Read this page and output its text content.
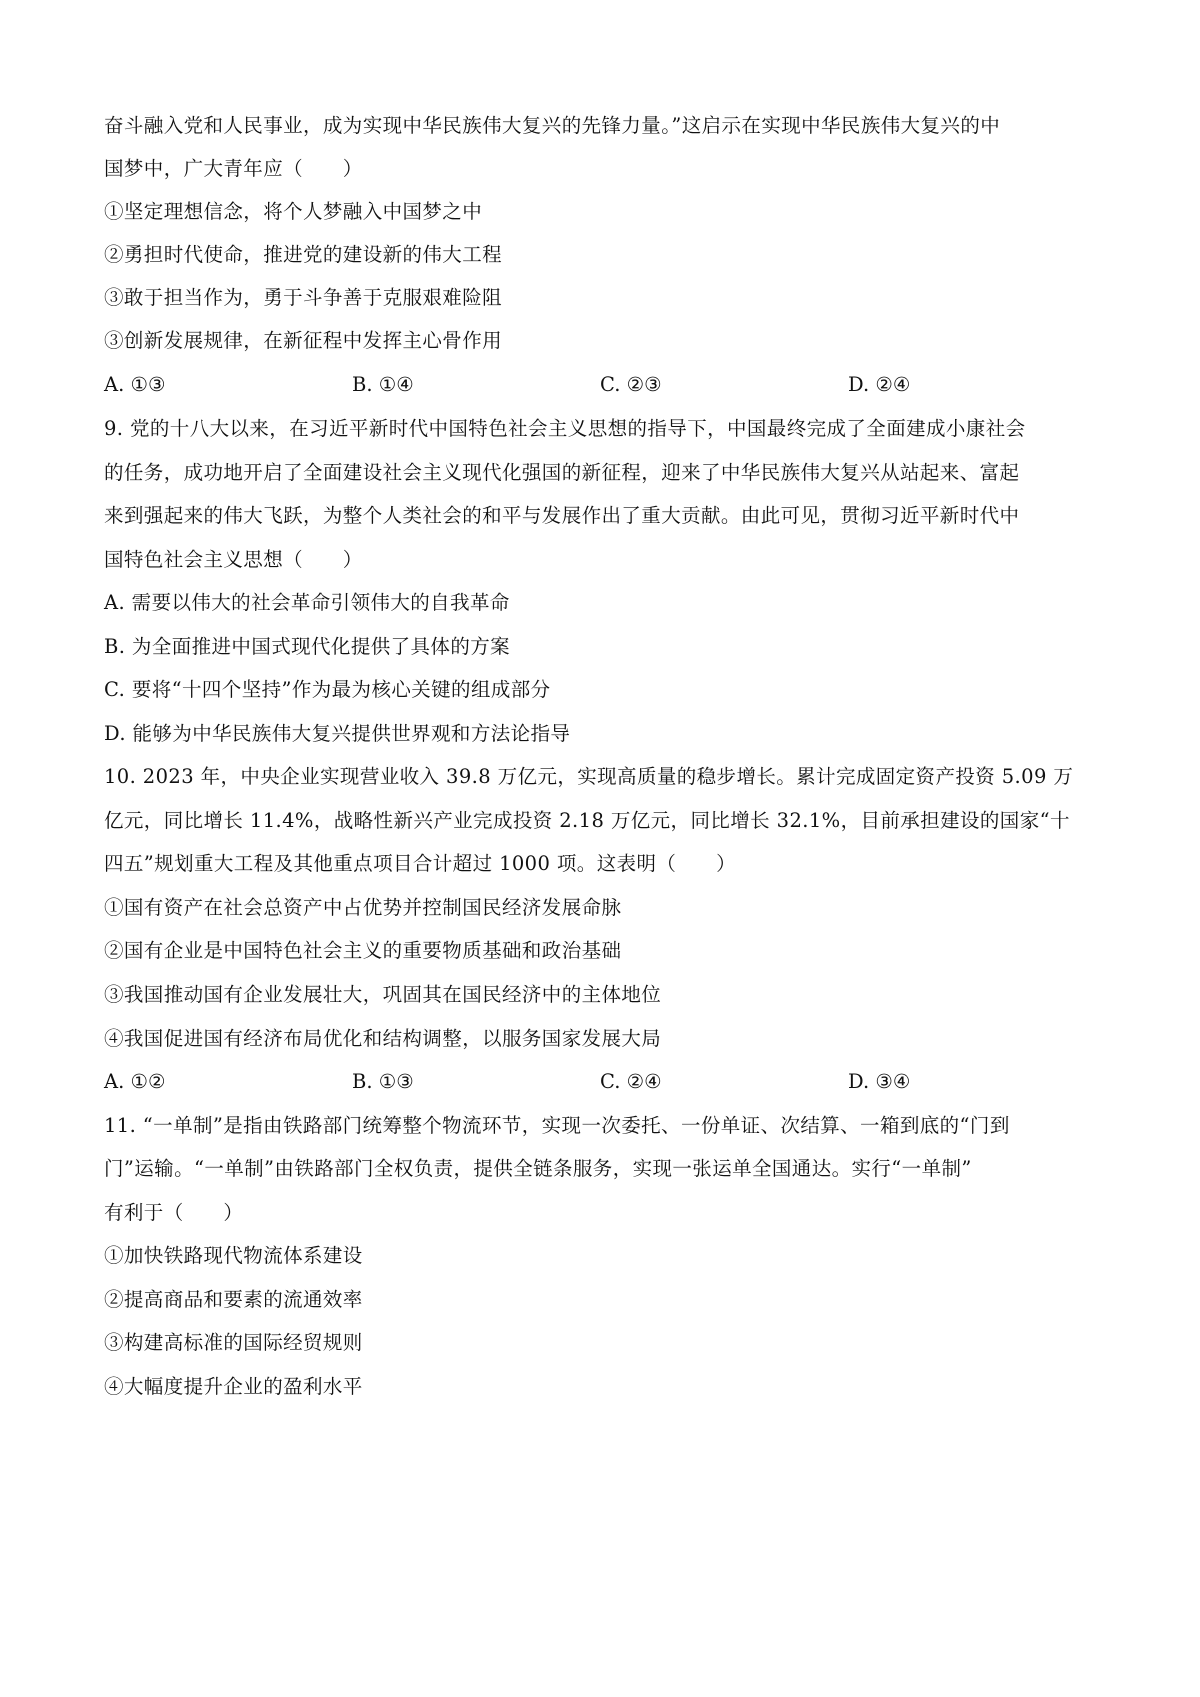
奋斗融入党和人民事业，成为实现中华民族伟大复兴的先锋力量。”这启示在实现中华民族伟大复兴的中
国梦中，广大青年应（　　）
①坚定理想信念，将个人梦融入中国梦之中
②勇担时代使命，推进党的建设新的伟大工程
③敢于担当作为，勇于斗争善于克服艰难险阻
③创新发展规律，在新征程中发挥主心骨作用
A. ①③	B. ①④	C. ②③	D. ②④
9. 党的十八大以来，在习近平新时代中国特色社会主义思想的指导下，中国最终完成了全面建成小康社会
的任务，成功地开启了全面建设社会主义现代化强国的新征程，迎来了中华民族伟大复兴从站起来、富起
来到强起来的伟大飞跃，为整个人类社会的和平与发展作出了重大贡献。由此可见，贯彻习近平新时代中
国特色社会主义思想（　　）
A. 需要以伟大的社会革命引领伟大的自我革命
B. 为全面推进中国式现代化提供了具体的方案
C. 要将“十四个坚持”作为最为核心关键的组成部分
D. 能够为中华民族伟大复兴提供世界观和方法论指导
10. 2023 年，中央企业实现营业收入 39.8 万亿元，实现高质量的稳步增长。累计完成固定资产投资 5.09 万
亿元，同比增长 11.4%，战略性新兴产业完成投资 2.18 万亿元，同比增长 32.1%，目前承担建设的国家“十
四五”规划重大工程及其他重点项目合计超过 1000 项。这表明（　　）
①国有资产在社会总资产中占优势并控制国民经济发展命脉
②国有企业是中国特色社会主义的重要物质基础和政治基础
③我国推动国有企业发展壮大，巩固其在国民经济中的主体地位
④我国促进国有经济布局优化和结构调整，以服务国家发展大局
A. ①②	B. ①③	C. ②④	D. ③④
11. “一单制”是指由铁路部门统筹整个物流环节，实现一次委托、一份单证、次结算、一箱到底的“门到
门”运输。“一单制”由铁路部门全权负责，提供全链条服务，实现一张运单全国通达。实行“一单制”
有利于（　　）
①加快铁路现代物流体系建设
②提高商品和要素的流通效率
③构建高标准的国际经贸规则
④大幅度提升企业的盈利水平
